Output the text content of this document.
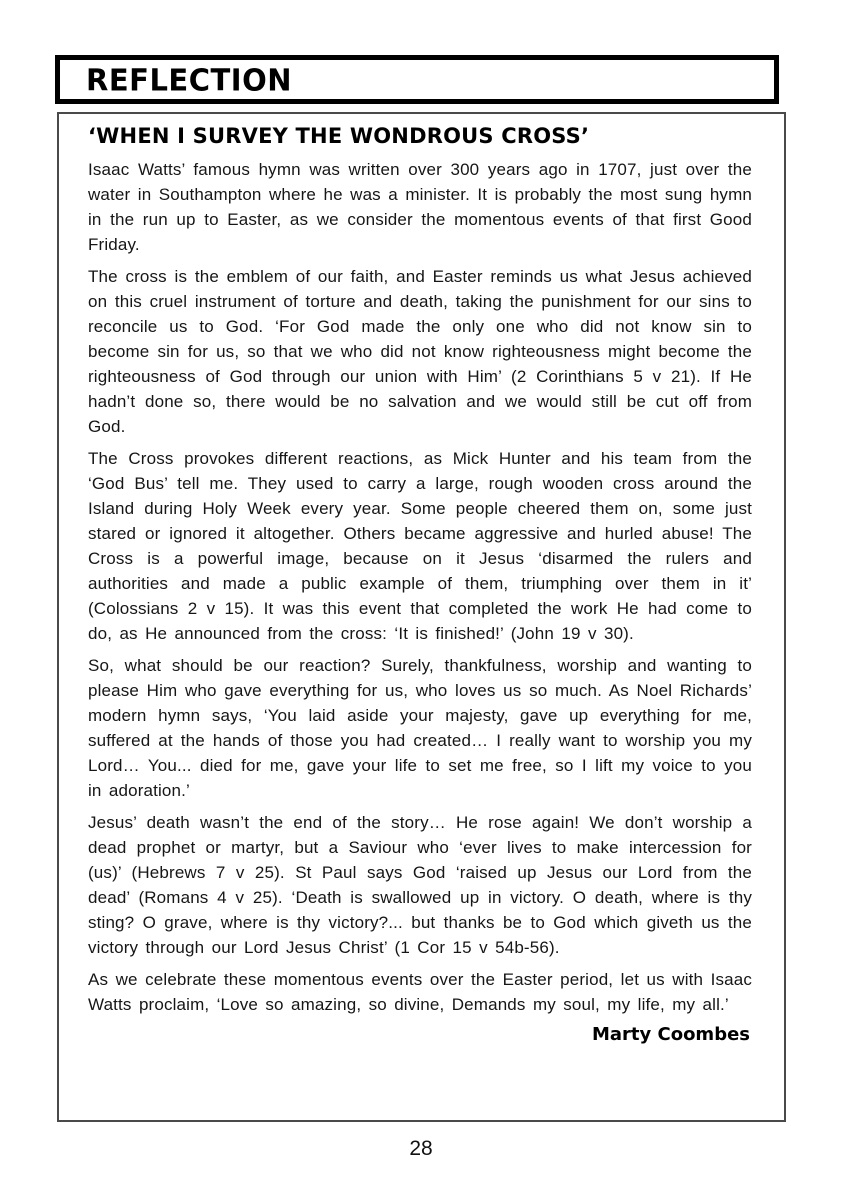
REFLECTION
‘WHEN I SURVEY THE WONDROUS CROSS’

Isaac Watts’ famous hymn was written over 300 years ago in 1707, just over the water in Southampton where he was a minister. It is probably the most sung hymn in the run up to Easter, as we consider the momentous events of that first Good Friday.

The cross is the emblem of our faith, and Easter reminds us what Jesus achieved on this cruel instrument of torture and death, taking the punishment for our sins to reconcile us to God. ‘For God made the only one who did not know sin to become sin for us, so that we who did not know righteousness might become the righteousness of God through our union with Him’ (2 Corinthians 5 v 21). If He hadn’t done so, there would be no salvation and we would still be cut off from God.

The Cross provokes different reactions, as Mick Hunter and his team from the ‘God Bus’ tell me. They used to carry a large, rough wooden cross around the Island during Holy Week every year. Some people cheered them on, some just stared or ignored it altogether. Others became aggressive and hurled abuse! The Cross is a powerful image, because on it Jesus ‘disarmed the rulers and authorities and made a public example of them, triumphing over them in it’ (Colossians 2 v 15). It was this event that completed the work He had come to do, as He announced from the cross: ‘It is finished!’ (John 19 v 30).

So, what should be our reaction? Surely, thankfulness, worship and wanting to please Him who gave everything for us, who loves us so much. As Noel Richards’ modern hymn says, ‘You laid aside your majesty, gave up everything for me, suffered at the hands of those you had created… I really want to worship you my Lord… You... died for me, gave your life to set me free, so I lift my voice to you in adoration.’

Jesus’ death wasn’t the end of the story… He rose again! We don’t worship a dead prophet or martyr, but a Saviour who ‘ever lives to make intercession for (us)’ (Hebrews 7 v 25). St Paul says God ‘raised up Jesus our Lord from the dead’ (Romans 4 v 25). ‘Death is swallowed up in victory. O death, where is thy sting? O grave, where is thy victory?... but thanks be to God which giveth us the victory through our Lord Jesus Christ’ (1 Cor 15 v 54b-56).

As we celebrate these momentous events over the Easter period, let us with Isaac Watts proclaim, ‘Love so amazing, so divine, Demands my soul, my life, my all.’

Marty Coombes
28
